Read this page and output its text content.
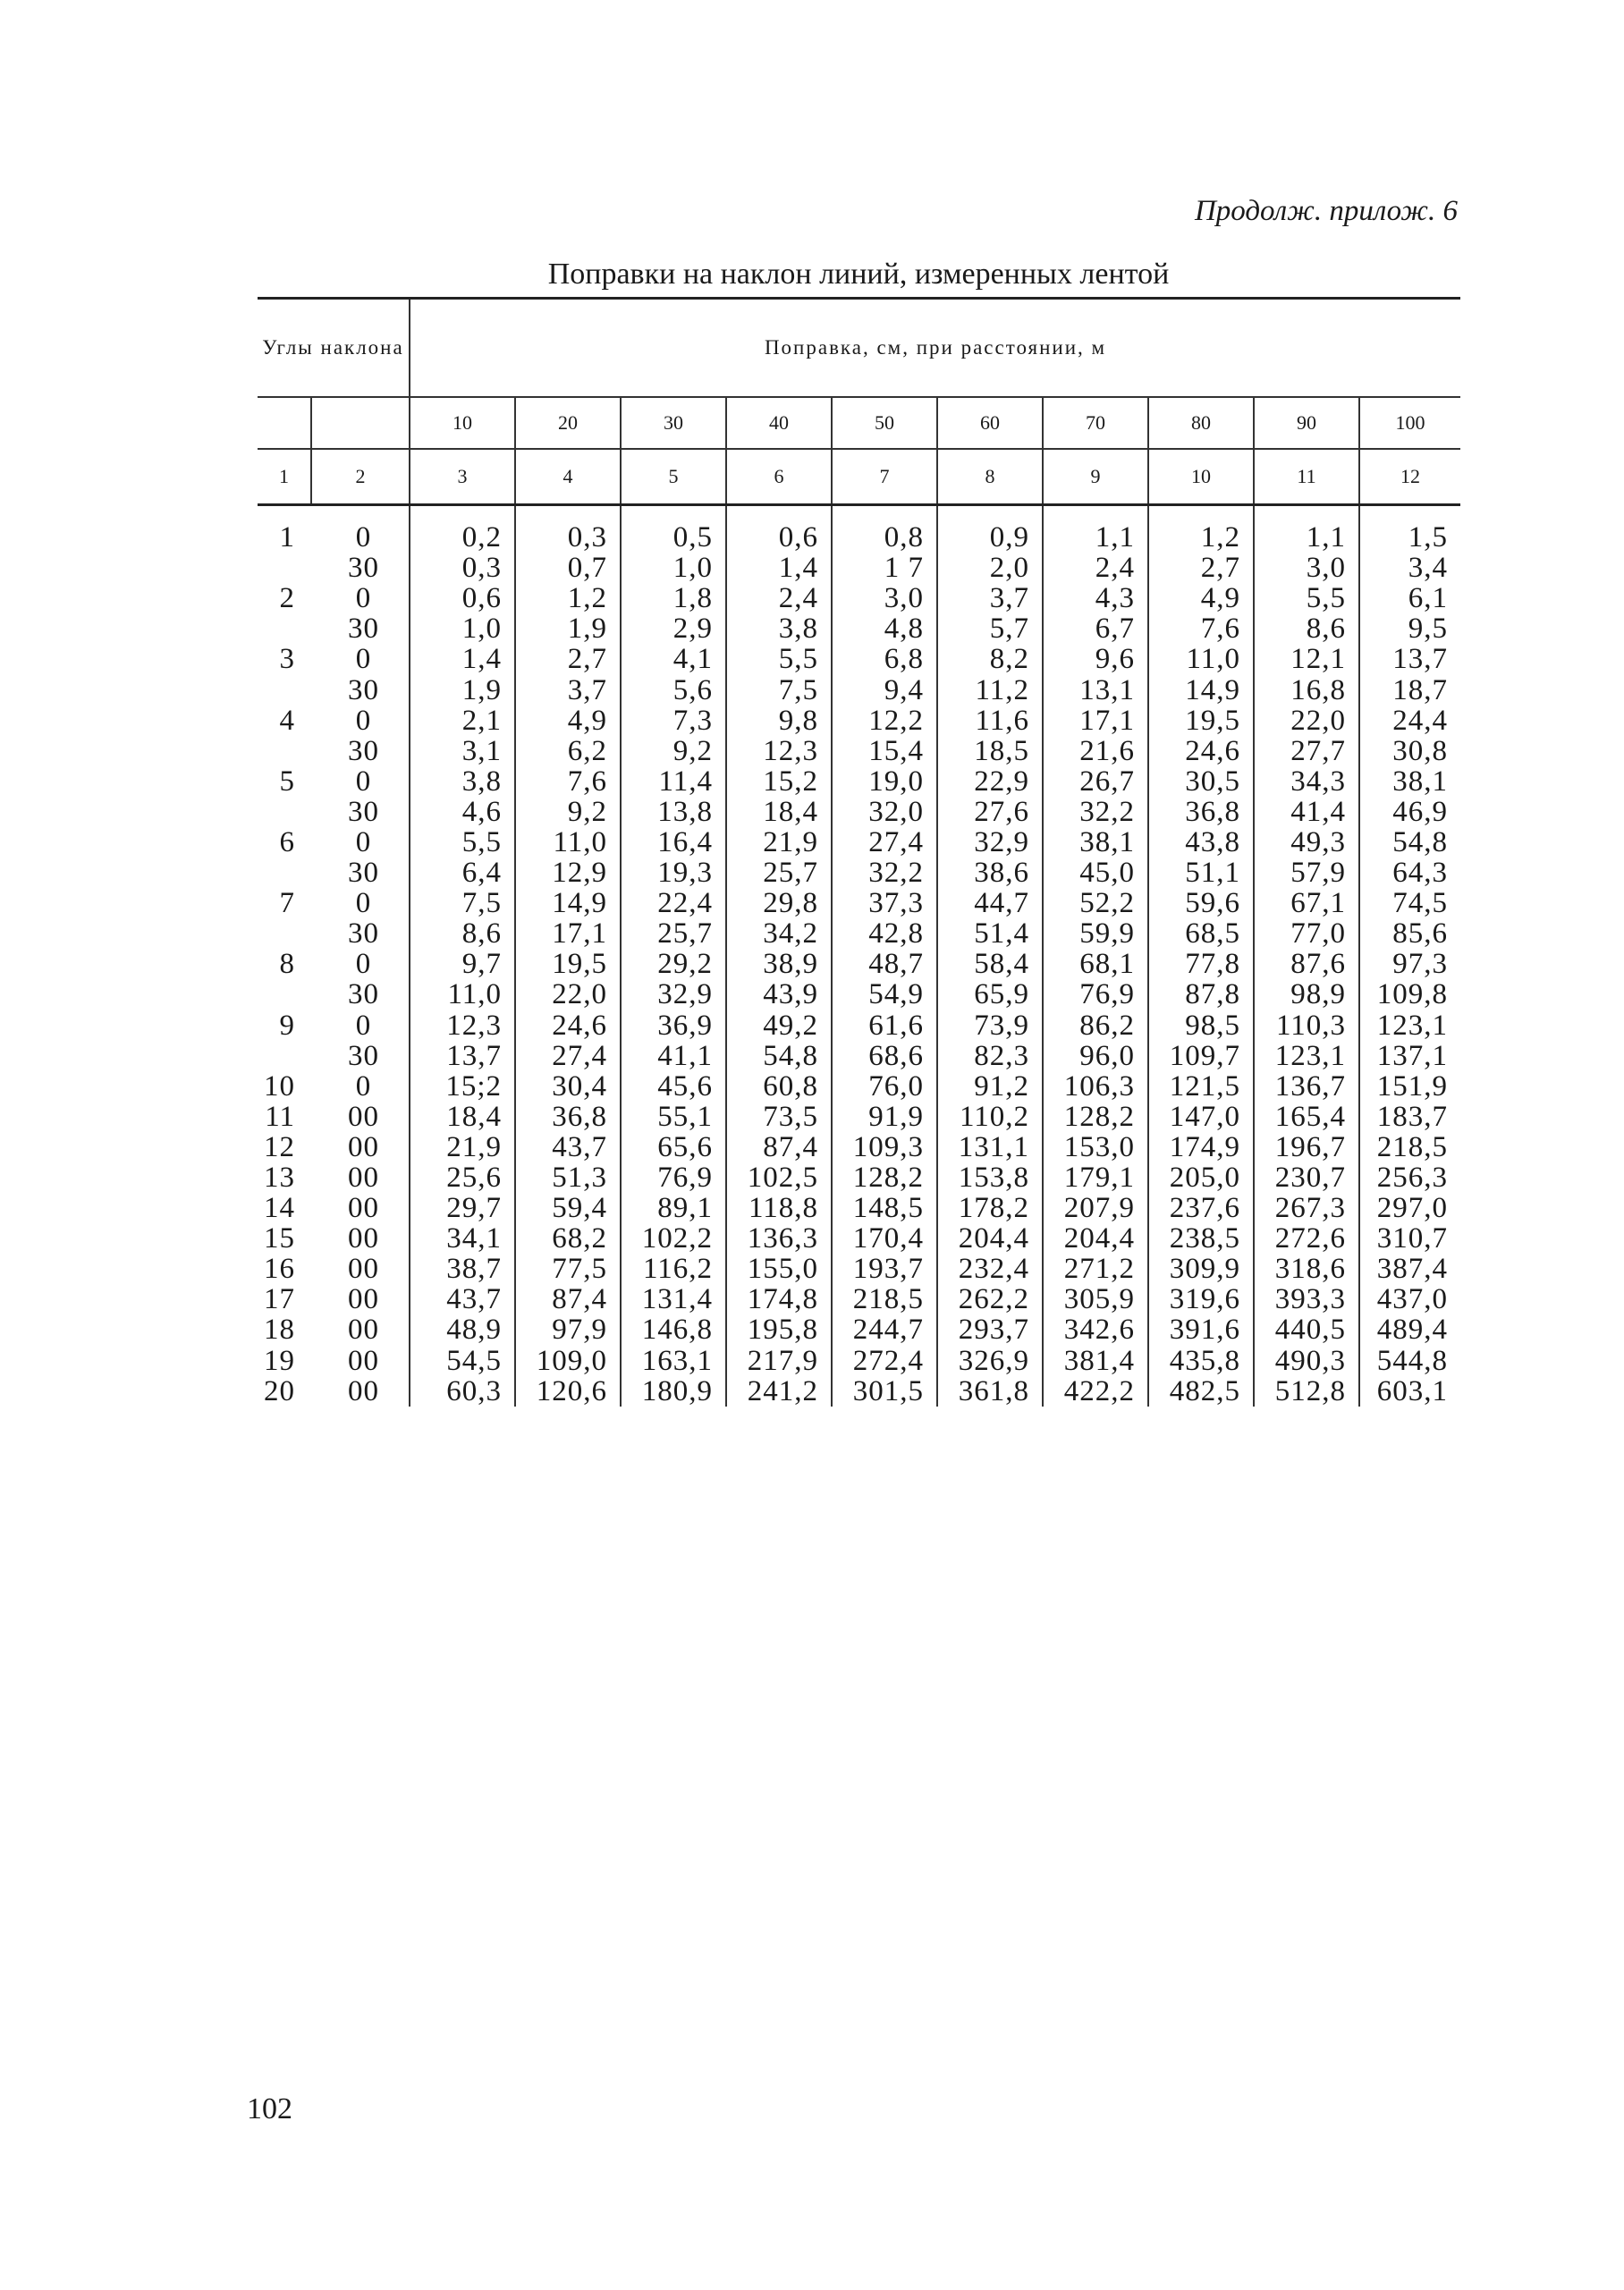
Продолж. прилож. 6
Поправки на наклон линий, измеренных лентой
Углы наклона		Поправка, см, при расстоянии, м									
		10	20	30	40	50	60	70	80	90	100
1	2	3	4	5	6	7	8	9	10	11	12
1	0	0,2	0,3	0,5	0,6	0,8	0,9	1,1	1,2	1,1	1,5
	30	0,3	0,7	1,0	1,4	1 7	2,0	2,4	2,7	3,0	3,4
2	0	0,6	1,2	1,8	2,4	3,0	3,7	4,3	4,9	5,5	6,1
	30	1,0	1,9	2,9	3,8	4,8	5,7	6,7	7,6	8,6	9,5
3	0	1,4	2,7	4,1	5,5	6,8	8,2	9,6	11,0	12,1	13,7
	30	1,9	3,7	5,6	7,5	9,4	11,2	13,1	14,9	16,8	18,7
4	0	2,1	4,9	7,3	9,8	12,2	11,6	17,1	19,5	22,0	24,4
	30	3,1	6,2	9,2	12,3	15,4	18,5	21,6	24,6	27,7	30,8
5	0	3,8	7,6	11,4	15,2	19,0	22,9	26,7	30,5	34,3	38,1
	30	4,6	9,2	13,8	18,4	32,0	27,6	32,2	36,8	41,4	46,9
6	0	5,5	11,0	16,4	21,9	27,4	32,9	38,1	43,8	49,3	54,8
	30	6,4	12,9	19,3	25,7	32,2	38,6	45,0	51,1	57,9	64,3
7	0	7,5	14,9	22,4	29,8	37,3	44,7	52,2	59,6	67,1	74,5
	30	8,6	17,1	25,7	34,2	42,8	51,4	59,9	68,5	77,0	85,6
8	0	9,7	19,5	29,2	38,9	48,7	58,4	68,1	77,8	87,6	97,3
	30	11,0	22,0	32,9	43,9	54,9	65,9	76,9	87,8	98,9	109,8
9	0	12,3	24,6	36,9	49,2	61,6	73,9	86,2	98,5	110,3	123,1
	30	13,7	27,4	41,1	54,8	68,6	82,3	96,0	109,7	123,1	137,1
10	0	15;2	30,4	45,6	60,8	76,0	91,2	106,3	121,5	136,7	151,9
11	00	18,4	36,8	55,1	73,5	91,9	110,2	128,2	147,0	165,4	183,7
12	00	21,9	43,7	65,6	87,4	109,3	131,1	153,0	174,9	196,7	218,5
13	00	25,6	51,3	76,9	102,5	128,2	153,8	179,1	205,0	230,7	256,3
14	00	29,7	59,4	89,1	118,8	148,5	178,2	207,9	237,6	267,3	297,0
15	00	34,1	68,2	102,2	136,3	170,4	204,4	204,4	238,5	272,6	310,7
16	00	38,7	77,5	116,2	155,0	193,7	232,4	271,2	309,9	318,6	387,4
17	00	43,7	87,4	131,4	174,8	218,5	262,2	305,9	319,6	393,3	437,0
18	00	48,9	97,9	146,8	195,8	244,7	293,7	342,6	391,6	440,5	489,4
19	00	54,5	109,0	163,1	217,9	272,4	326,9	381,4	435,8	490,3	544,8
20	00	60,3	120,6	180,9	241,2	301,5	361,8	422,2	482,5	512,8	603,1
102
